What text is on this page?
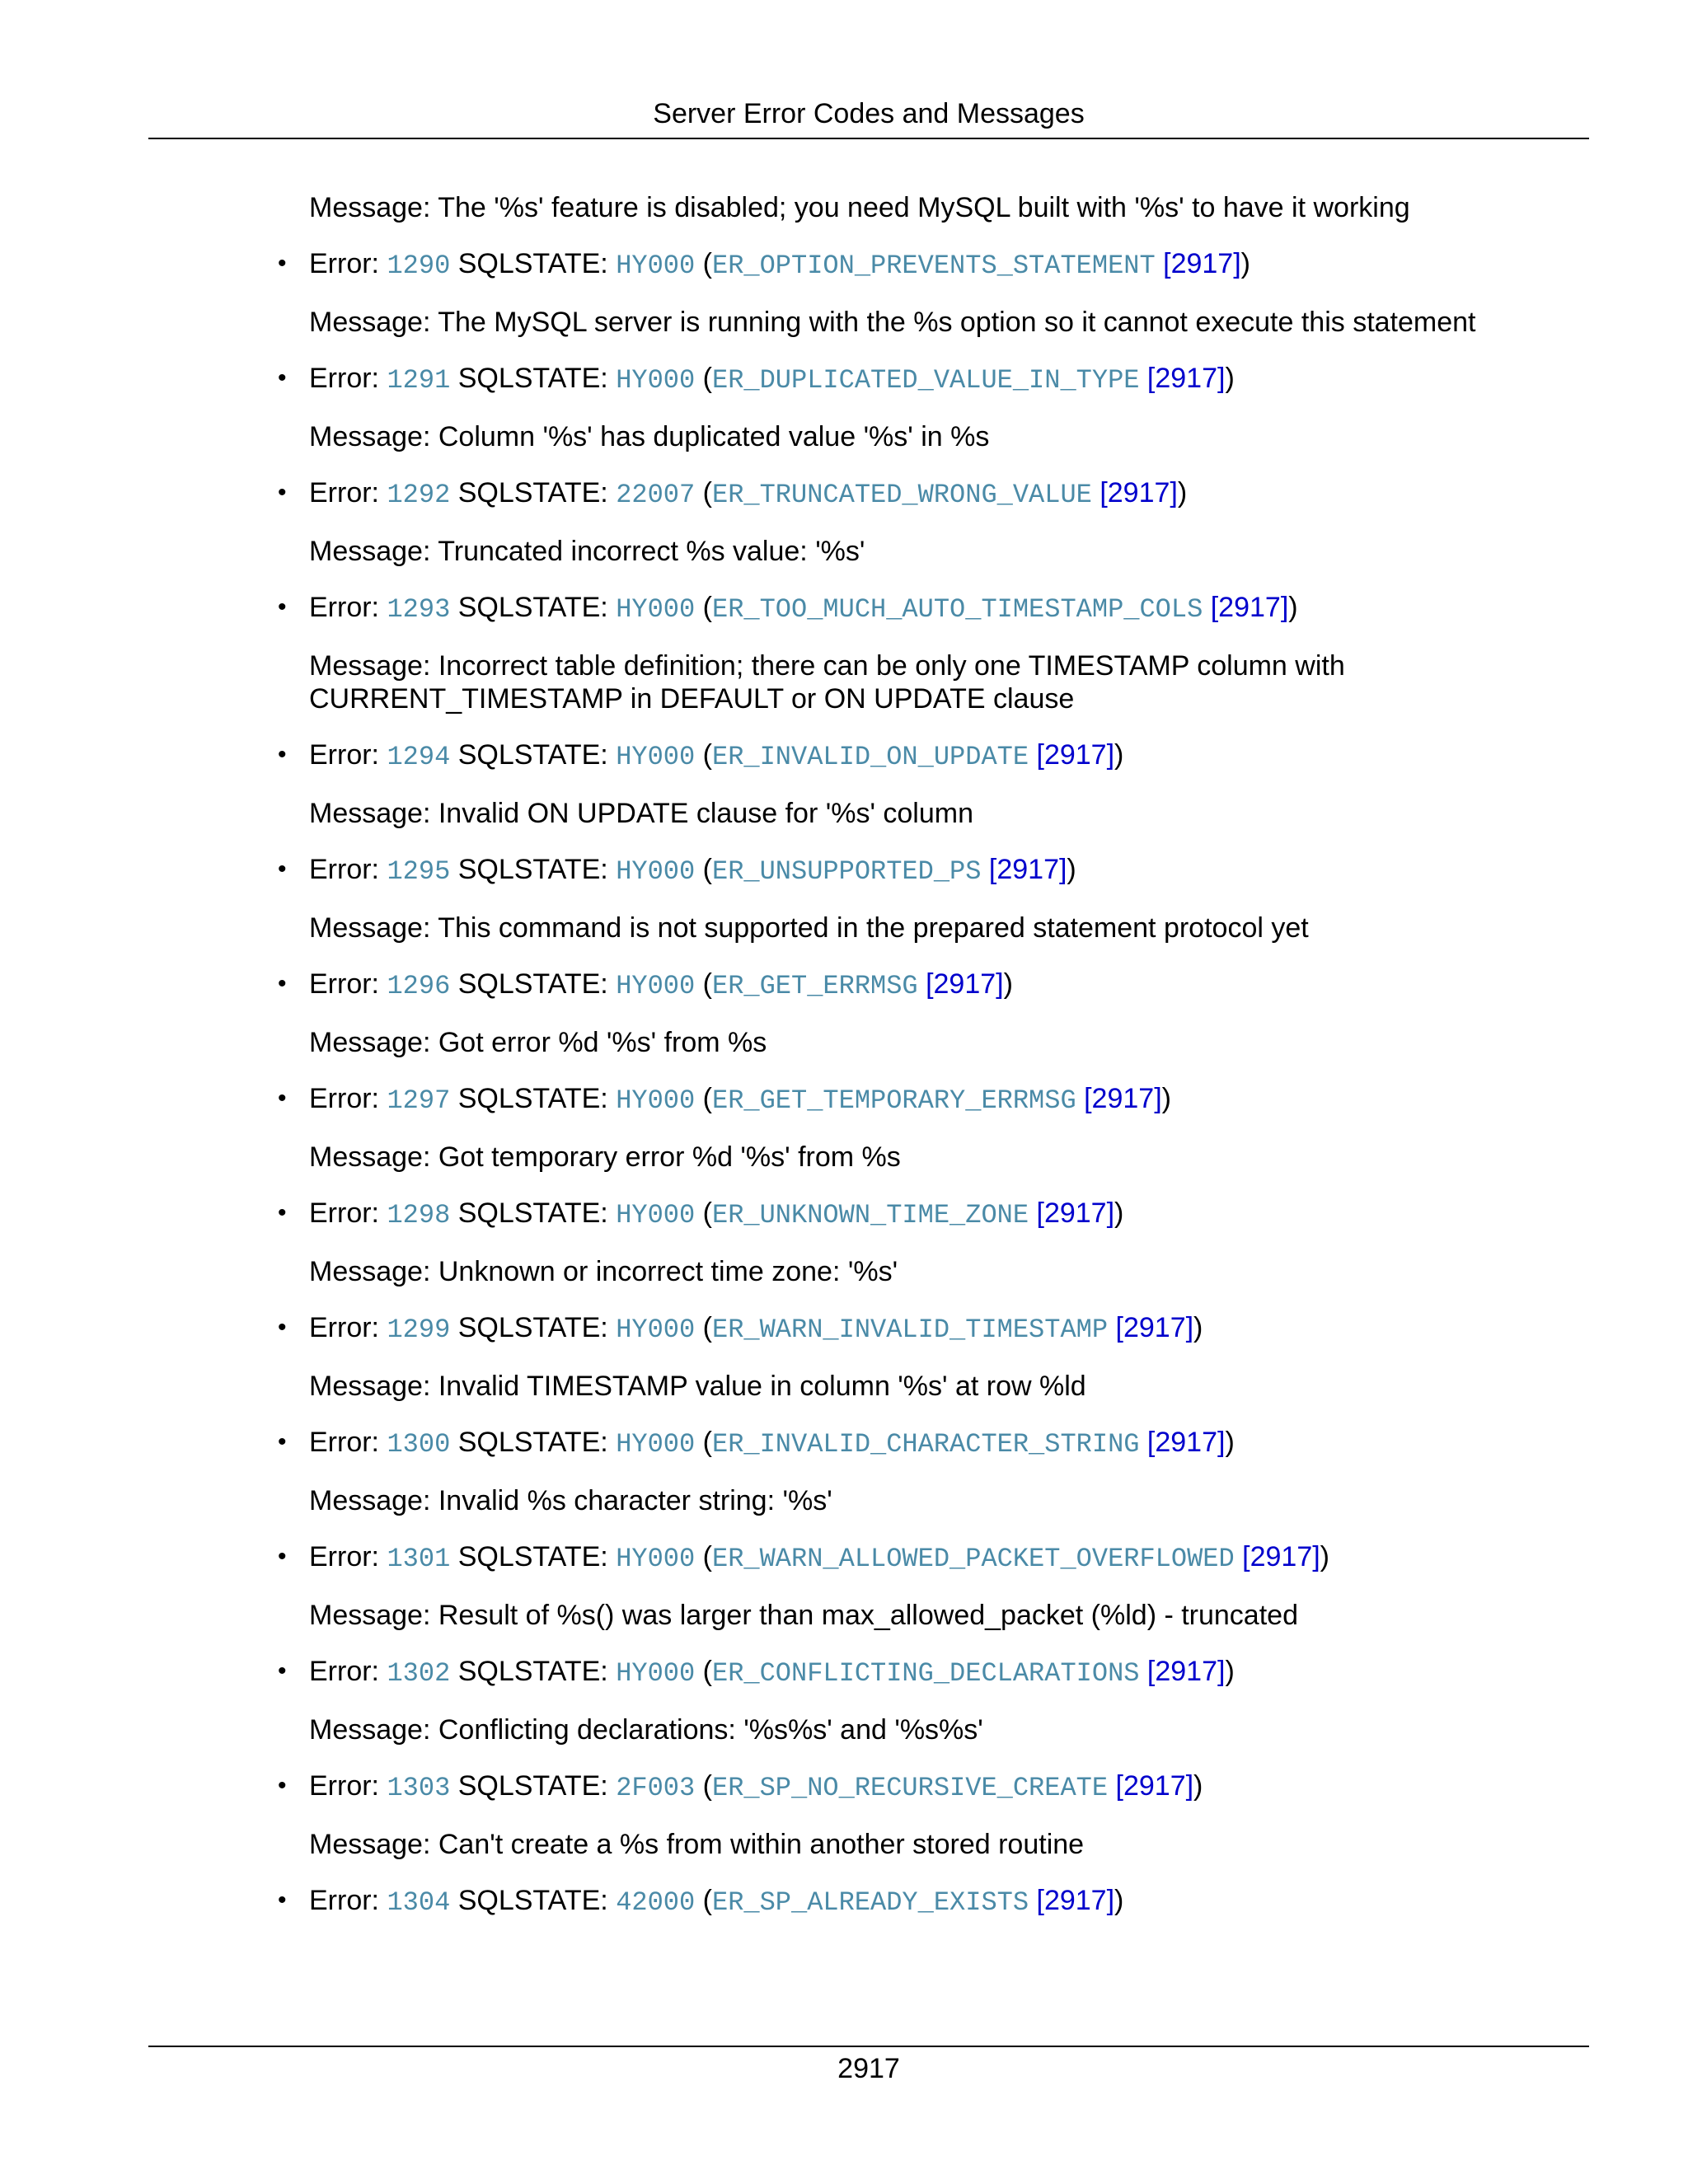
Server Error Codes and Messages

Message: The '%s' feature is disabled; you need MySQL built with '%s' to have it working

• Error: 1290 SQLSTATE: HY000 (ER_OPTION_PREVENTS_STATEMENT [2917])

Message: The MySQL server is running with the %s option so it cannot execute this statement

• Error: 1291 SQLSTATE: HY000 (ER_DUPLICATED_VALUE_IN_TYPE [2917])

Message: Column '%s' has duplicated value '%s' in %s

• Error: 1292 SQLSTATE: 22007 (ER_TRUNCATED_WRONG_VALUE [2917])

Message: Truncated incorrect %s value: '%s'

• Error: 1293 SQLSTATE: HY000 (ER_TOO_MUCH_AUTO_TIMESTAMP_COLS [2917])

Message: Incorrect table definition; there can be only one TIMESTAMP column with CURRENT_TIMESTAMP in DEFAULT or ON UPDATE clause

• Error: 1294 SQLSTATE: HY000 (ER_INVALID_ON_UPDATE [2917])

Message: Invalid ON UPDATE clause for '%s' column

• Error: 1295 SQLSTATE: HY000 (ER_UNSUPPORTED_PS [2917])

Message: This command is not supported in the prepared statement protocol yet

• Error: 1296 SQLSTATE: HY000 (ER_GET_ERRMSG [2917])

Message: Got error %d '%s' from %s

• Error: 1297 SQLSTATE: HY000 (ER_GET_TEMPORARY_ERRMSG [2917])

Message: Got temporary error %d '%s' from %s

• Error: 1298 SQLSTATE: HY000 (ER_UNKNOWN_TIME_ZONE [2917])

Message: Unknown or incorrect time zone: '%s'

• Error: 1299 SQLSTATE: HY000 (ER_WARN_INVALID_TIMESTAMP [2917])

Message: Invalid TIMESTAMP value in column '%s' at row %ld

• Error: 1300 SQLSTATE: HY000 (ER_INVALID_CHARACTER_STRING [2917])

Message: Invalid %s character string: '%s'

• Error: 1301 SQLSTATE: HY000 (ER_WARN_ALLOWED_PACKET_OVERFLOWED [2917])

Message: Result of %s() was larger than max_allowed_packet (%ld) - truncated

• Error: 1302 SQLSTATE: HY000 (ER_CONFLICTING_DECLARATIONS [2917])

Message: Conflicting declarations: '%s%s' and '%s%s'

• Error: 1303 SQLSTATE: 2F003 (ER_SP_NO_RECURSIVE_CREATE [2917])

Message: Can't create a %s from within another stored routine

• Error: 1304 SQLSTATE: 42000 (ER_SP_ALREADY_EXISTS [2917])
2917
